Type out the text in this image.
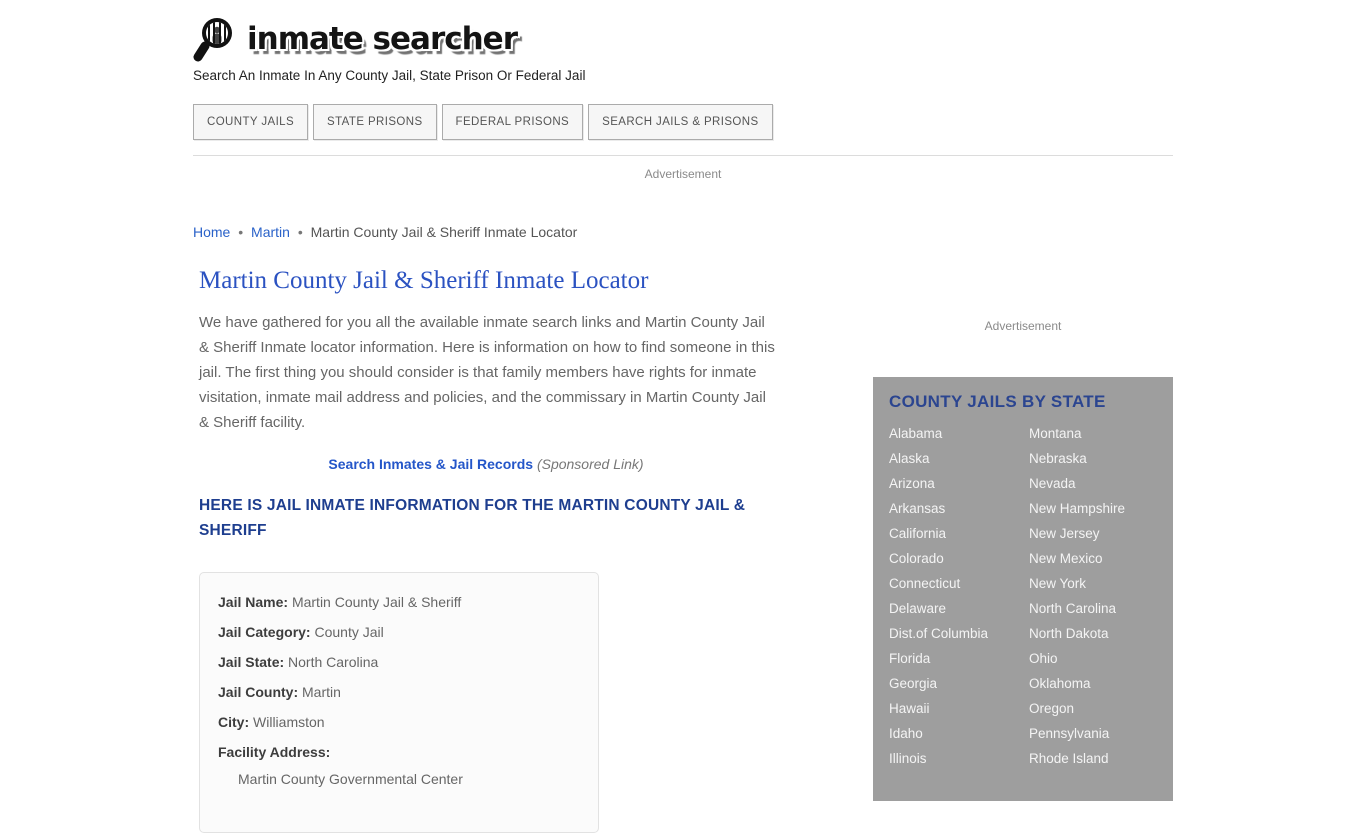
inmate searcher
Search An Inmate In Any County Jail, State Prison Or Federal Jail
COUNTY JAILS	STATE PRISONS	FEDERAL PRISONS	SEARCH JAILS & PRISONS
Advertisement
Home • Martin • Martin County Jail & Sheriff Inmate Locator
Martin County Jail & Sheriff Inmate Locator

We have gathered for you all the available inmate search links and Martin County Jail & Sheriff Inmate locator information. Here is information on how to find someone in this jail. The first thing you should consider is that family members have rights for inmate visitation, inmate mail address and policies, and the commissary in Martin County Jail & Sheriff facility.

Search Inmates & Jail Records (Sponsored Link)
HERE IS JAIL INMATE INFORMATION FOR THE MARTIN COUNTY JAIL & SHERIFF
Jail Name: Martin County Jail & Sheriff
Jail Category: County Jail
Jail State: North Carolina
Jail County: Martin
City: Williamston
Facility Address:
Martin County Governmental Center
Advertisement
COUNTY JAILS BY STATE
Alabama
Alaska
Arizona
Arkansas
California
Colorado
Connecticut
Delaware
Dist.of Columbia
Florida
Georgia
Hawaii
Idaho
Illinois
Montana
Nebraska
Nevada
New Hampshire
New Jersey
New Mexico
New York
North Carolina
North Dakota
Ohio
Oklahoma
Oregon
Pennsylvania
Rhode Island
